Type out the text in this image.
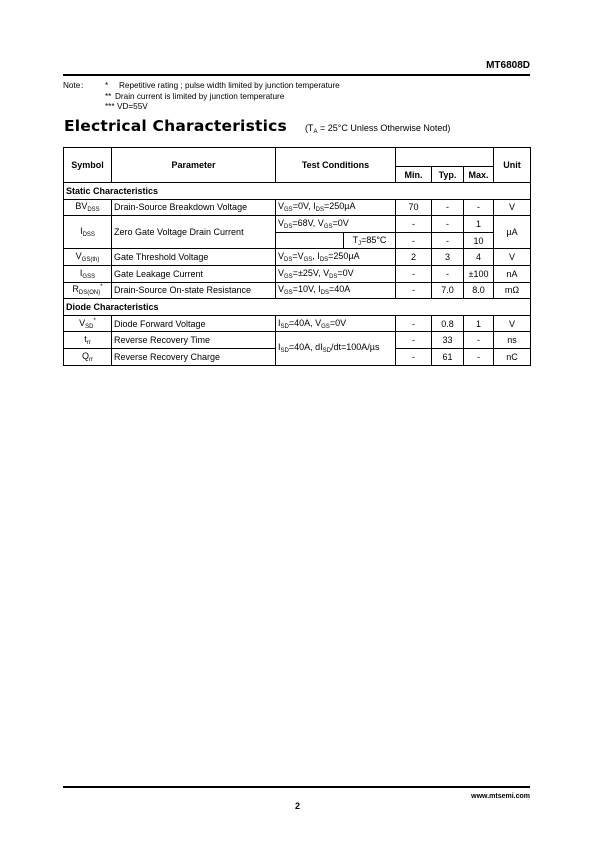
MT6808D
Note：	*	Repetitive rating ; pulse width limited by junction temperature
** Drain current is limited by junction temperature
*** VD=55V
Electrical Characteristics ($T_A = 25^\circ C$ Unless Otherwise Noted)
Symbol	Parameter	Test Conditions					Unit
				Min.	Typ.	Max.	
Static Characteristics							
$BV_{DSS}$	Drain-Source Breakdown Voltage	$V_{GS}=0V$, $I_{DS}=250\mu A$		70	-	-	V
$I_{DSS}$	Zero Gate Voltage Drain Current	$V_{DS}=68V$, $V_{GS}=0V$		-	-	1	µA
			$T_J=85^\circ C$	-	-	10	
$V_{GS(th)}$	Gate Threshold Voltage	$V_{DS}=V_{GS}$, $I_{DS}=250\mu A$		2	3	4	V
$I_{GSS}$	Gate Leakage Current	$V_{GS}=\pm 25V$, $V_{DS}=0V$		-	-	±100	nA
$R_{DS(ON)}^*$	Drain-Source On-state Resistance	$V_{GS}=10V$, $I_{DS}=40A$		-	7.0	8.0	mΩ
Diode Characteristics							
$V_{SD}^*$	Diode Forward Voltage	$I_{SD}=40A$, $V_{GS}=0V$		-	0.8	1	V
$t_{rr}$	Reverse Recovery Time	$I_{SD}=40A$, $dI_{SD}/dt=100A/\mu s$		-	33	-	ns
$Q_{rr}$	Reverse Recovery Charge			-	61	-	nC
www.mtsemi.com
2
